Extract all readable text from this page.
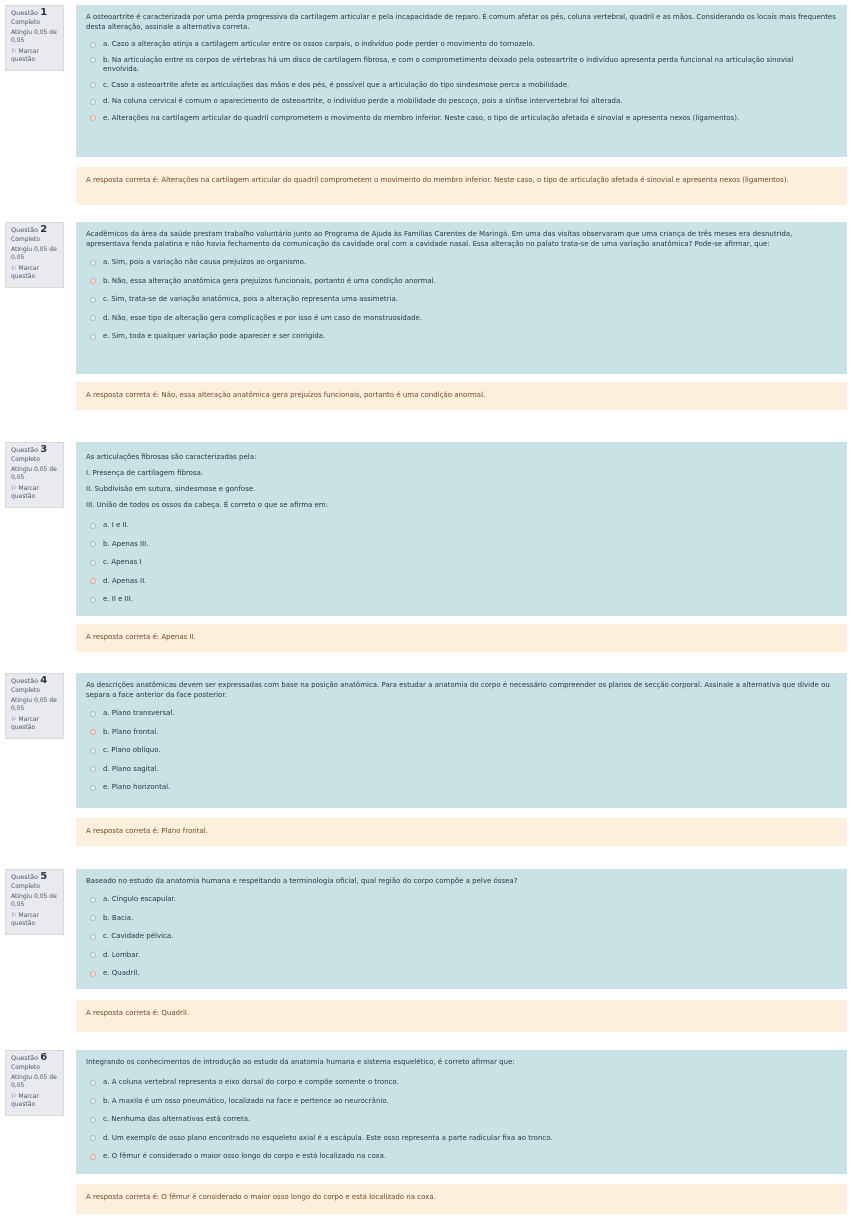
Questão 1
Completo
Atingiu 0,05 de 0,05
⚐ Marcar questão

A osteoartrite é caracterizada por uma perda progressiva da cartilagem articular e pela incapacidade de reparo. É comum afetar os pés, coluna vertebral, quadril e as mãos. Considerando os locais mais frequentes desta alteração, assinale a alternativa correta.

a. Caso a alteração atinja a cartilagem articular entre os ossos carpais, o indivíduo pode perder o movimento do tornozelo.
b. Na articulação entre os corpos de vértebras há um disco de cartilagem fibrosa, e com o comprometimento deixado pela osteoartrite o indivíduo apresenta perda funcional na articulação sinovial envolvida.
c. Caso a osteoartrite afete as articulações das mãos e dos pés, é possível que a articulação do tipo sindesmose perca a mobilidade.
d. Na coluna cervical é comum o aparecimento de osteoartrite, o indivíduo perde a mobilidade do pescoço, pois a sínfise intervertebral foi alterada.
e. Alterações na cartilagem articular do quadril comprometem o movimento do membro inferior. Neste caso, o tipo de articulação afetada é sinovial e apresenta nexos (ligamentos).
A resposta correta é: Alterações na cartilagem articular do quadril comprometem o movimento do membro inferior. Neste caso, o tipo de articulação afetada é sinovial e apresenta nexos (ligamentos).
Questão 2
Completo
Atingiu 0,05 de 0,05
⚐ Marcar questão

Acadêmicos da área da saúde prestam trabalho voluntário junto ao Programa de Ajuda às Famílias Carentes de Maringá. Em uma das visitas observaram que uma criança de três meses era desnutrida, apresentava fenda palatina e não havia fechamento da comunicação da cavidade oral com a cavidade nasal. Essa alteração no palato trata-se de uma variação anatômica? Pode-se afirmar, que:

a. Sim, pois a variação não causa prejuízos ao organismo.
b. Não, essa alteração anatômica gera prejuízos funcionais, portanto é uma condição anormal.
c. Sim, trata-se de variação anatômica, pois a alteração representa uma assimetria.
d. Não, esse tipo de alteração gera complicações e por isso é um caso de monstruosidade.
e. Sim, toda e qualquer variação pode aparecer e ser corrigida.
A resposta correta é: Não, essa alteração anatômica gera prejuízos funcionais, portanto é uma condição anormal.
Questão 3
Completo
Atingiu 0,05 de 0,05
⚐ Marcar questão

As articulações fibrosas são caracterizadas pela:

I. Presença de cartilagem fibrosa.

II. Subdivisão em sutura, sindesmose e gonfose.

III. União de todos os ossos da cabeça. É correto o que se afirma em:

a. I e II.
b. Apenas III.
c. Apenas I
d. Apenas II.
e. II e III.
A resposta correta é: Apenas II.
Questão 4
Completo
Atingiu 0,05 de 0,05
⚐ Marcar questão

As descrições anatômicas devem ser expressadas com base na posição anatômica. Para estudar a anatomia do corpo é necessário compreender os planos de secção corporal. Assinale a alternativa que divide ou separa a face anterior da face posterior.

a. Plano transversal.
b. Plano frontal.
c. Plano oblíquo.
d. Plano sagital.
e. Plano horizontal.
A resposta correta é: Plano frontal.
Questão 5
Completo
Atingiu 0,05 de 0,05
⚐ Marcar questão

Baseado no estudo da anatomia humana e respeitando a terminologia oficial, qual região do corpo compõe a pelve óssea?

a. Cíngulo escapular.
b. Bacia.
c. Cavidade pélvica.
d. Lombar.
e. Quadril.
A resposta correta é: Quadril.
Questão 6
Completo
Atingiu 0,05 de 0,05
⚐ Marcar questão

Integrando os conhecimentos de introdução ao estudo da anatomia humana e sistema esquelético, é correto afirmar que:

a. A coluna vertebral representa o eixo dorsal do corpo e compõe somente o tronco.
b. A maxila é um osso pneumático, localizado na face e pertence ao neurocrânio.
c. Nenhuma das alternativas está correta.
d. Um exemplo de osso plano encontrado no esqueleto axial é a escápula. Este osso representa a parte radicular fixa ao tronco.
e. O fêmur é considerado o maior osso longo do corpo e está localizado na coxa.
A resposta correta é: O fêmur é considerado o maior osso longo do corpo e está localizado na coxa.
